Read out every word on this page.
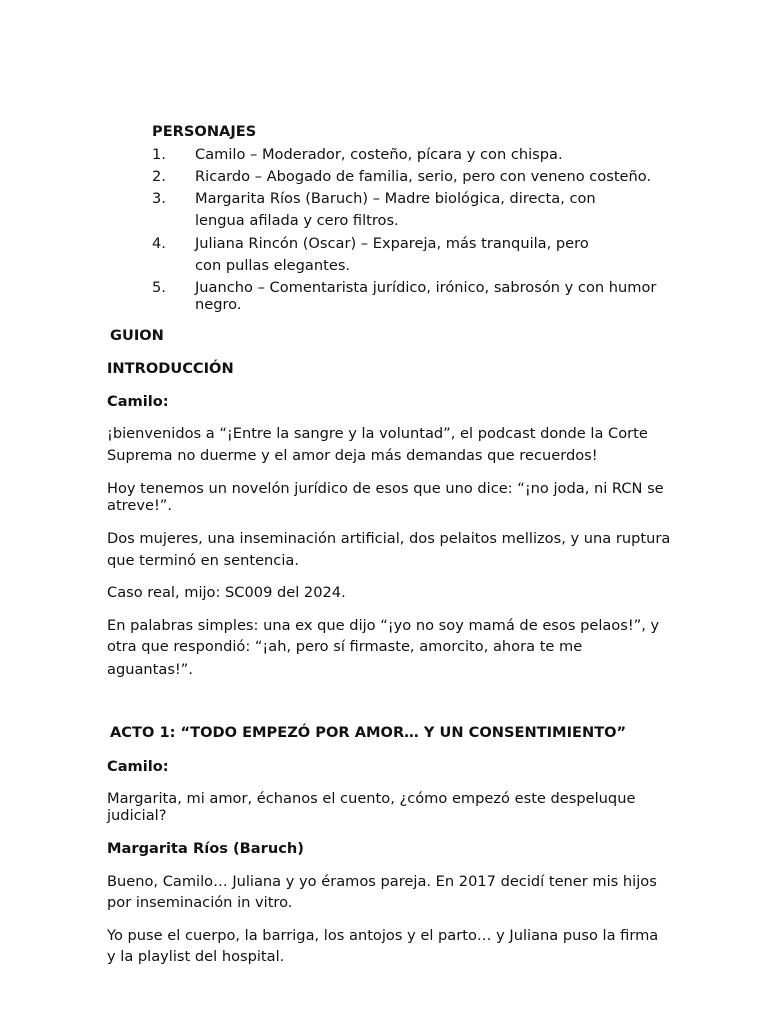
PERSONAJES
1. Camilo – Moderador, costeño, pícara y con chispa.
2. Ricardo – Abogado de familia, serio, pero con veneno costeño.
3. Margarita Ríos (Baruch) – Madre biológica, directa, con
lengua afilada y cero filtros.
4. Juliana Rincón (Oscar) – Expareja, más tranquila, pero
con pullas elegantes.
5. Juancho – Comentarista jurídico, irónico, sabrosón y con humor
negro.
GUION
INTRODUCCIÓN
Camilo:
¡bienvenidos a “¡Entre la sangre y la voluntad”, el podcast donde la Corte
Suprema no duerme y el amor deja más demandas que recuerdos!
Hoy tenemos un novelón jurídico de esos que uno dice: “¡no joda, ni RCN se
atreve!”.
Dos mujeres, una inseminación artificial, dos pelaitos mellizos, y una ruptura
que terminó en sentencia.
Caso real, mijo: SC009 del 2024.
En palabras simples: una ex que dijo “¡yo no soy mamá de esos pelaos!”, y
otra que respondió: “¡ah, pero sí firmaste, amorcito, ahora te me
aguantas!”.
ACTO 1: “TODO EMPEZÓ POR AMOR… Y UN CONSENTIMIENTO”
Camilo:
Margarita, mi amor, échanos el cuento, ¿cómo empezó este despeluque
judicial?
Margarita Ríos (Baruch)
Bueno, Camilo… Juliana y yo éramos pareja. En 2017 decidí tener mis hijos
por inseminación in vitro.
Yo puse el cuerpo, la barriga, los antojos y el parto… y Juliana puso la firma
y la playlist del hospital.
